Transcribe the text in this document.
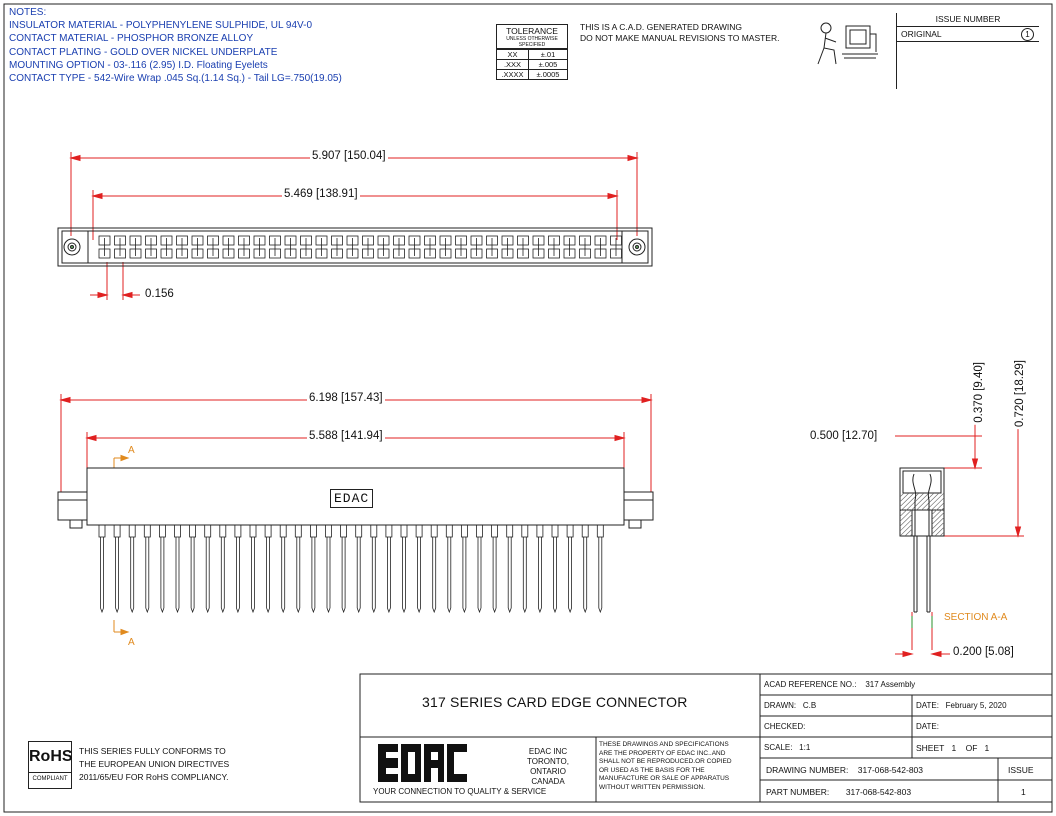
NOTES:
INSULATOR MATERIAL - POLYPHENYLENE SULPHIDE, UL 94V-0
CONTACT MATERIAL - PHOSPHOR BRONZE ALLOY
CONTACT PLATING - GOLD OVER NICKEL UNDERPLATE
MOUNTING OPTION - 03-.116 (2.95) I.D. Floating Eyelets
CONTACT TYPE - 542-Wire Wrap .045 Sq.(1.14 Sq.) - Tail LG=.750(19.05)
TOLERANCE
UNLESS OTHERWISE
SPECIFIED
XX	±.01
.XXX	±.005
.XXXX	±.0005
THIS IS A C.A.D. GENERATED DRAWING
DO NOT MAKE MANUAL REVISIONS TO MASTER.
ISSUE NUMBER
ORIGINAL	1
5.907 [150.04]
5.469 [138.91]
0.156
EDAC
A
A
6.198 [157.43]
5.588 [141.94]
0.370 [9.40]
0.720 [18.29]
0.500 [12.70]
0.200 [5.08]
SECTION A-A
317 SERIES CARD EDGE CONNECTOR
EDAC INC
TORONTO, ONTARIO
CANADA
YOUR CONNECTION TO QUALITY & SERVICE
THESE DRAWINGS AND SPECIFICATIONS
ARE THE PROPERTY OF EDAC INC..AND
SHALL NOT BE REPRODUCED.OR COPIED
OR USED AS THE BASIS FOR THE
MANUFACTURE OR SALE OF APPARATUS
WITHOUT WRITTEN PERMISSION.
ACAD REFERENCE NO.: 317 Assembly
DRAWN: C.B	DATE: February 5, 2020
CHECKED:	DATE:
SCALE: 1:1	SHEET 1 OF 1
DRAWING NUMBER: 317-068-542-803	ISSUE
PART NUMBER: 317-068-542-803	1
RoHS
COMPLIANT
THIS SERIES FULLY CONFORMS TO
THE EUROPEAN UNION DIRECTIVES
2011/65/EU FOR RoHS COMPLIANCY.
